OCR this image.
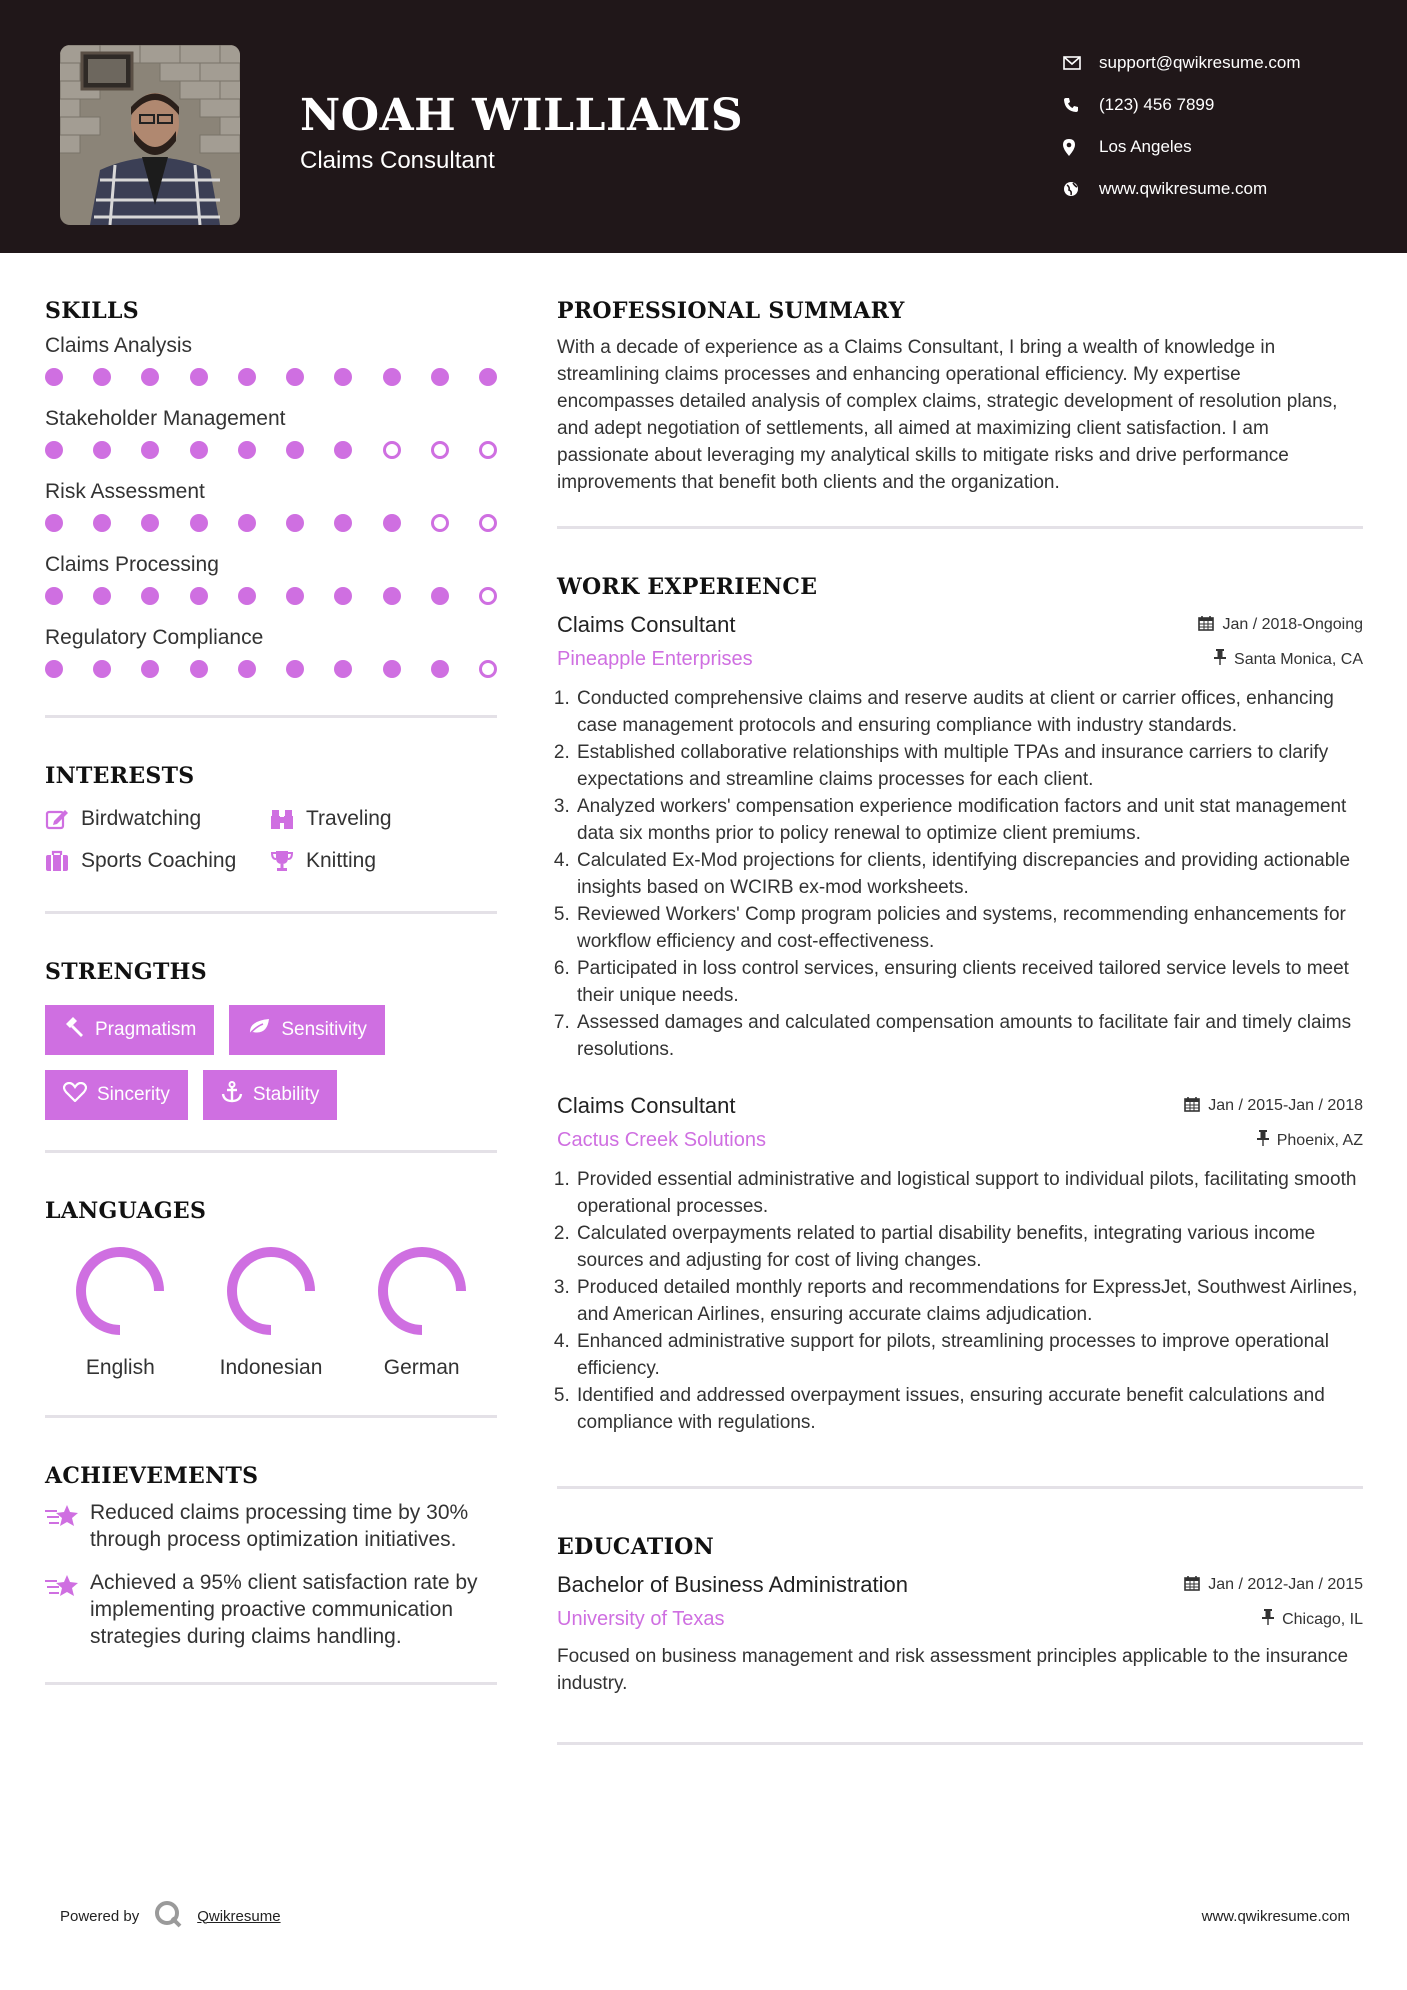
NOAH WILLIAMS
Claims Consultant
support@qwikresume.com
(123) 456 7899
Los Angeles
www.qwikresume.com
SKILLS
Claims Analysis
Stakeholder Management
Risk Assessment
Claims Processing
Regulatory Compliance
INTERESTS
Birdwatching	Traveling
Sports Coaching	Knitting
STRENGTHS
Pragmatism	Sensitivity
Sincerity	Stability
LANGUAGES
English	Indonesian	German
ACHIEVEMENTS
Reduced claims processing time by 30% through process optimization initiatives.
Achieved a 95% client satisfaction rate by implementing proactive communication strategies during claims handling.
PROFESSIONAL SUMMARY

With a decade of experience as a Claims Consultant, I bring a wealth of knowledge in streamlining claims processes and enhancing operational efficiency. My expertise encompasses detailed analysis of complex claims, strategic development of resolution plans, and adept negotiation of settlements, all aimed at maximizing client satisfaction. I am passionate about leveraging my analytical skills to mitigate risks and drive performance improvements that benefit both clients and the organization.

WORK EXPERIENCE
Claims Consultant	Jan / 2018-Ongoing
Pineapple Enterprises	Santa Monica, CA
1. Conducted comprehensive claims and reserve audits at client or carrier offices, enhancing case management protocols and ensuring compliance with industry standards.
2. Established collaborative relationships with multiple TPAs and insurance carriers to clarify expectations and streamline claims processes for each client.
3. Analyzed workers' compensation experience modification factors and unit stat management data six months prior to policy renewal to optimize client premiums.
4. Calculated Ex-Mod projections for clients, identifying discrepancies and providing actionable insights based on WCIRB ex-mod worksheets.
5. Reviewed Workers' Comp program policies and systems, recommending enhancements for workflow efficiency and cost-effectiveness.
6. Participated in loss control services, ensuring clients received tailored service levels to meet their unique needs.
7. Assessed damages and calculated compensation amounts to facilitate fair and timely claims resolutions.
Claims Consultant	Jan / 2015-Jan / 2018
Cactus Creek Solutions	Phoenix, AZ
1. Provided essential administrative and logistical support to individual pilots, facilitating smooth operational processes.
2. Calculated overpayments related to partial disability benefits, integrating various income sources and adjusting for cost of living changes.
3. Produced detailed monthly reports and recommendations for ExpressJet, Southwest Airlines, and American Airlines, ensuring accurate claims adjudication.
4. Enhanced administrative support for pilots, streamlining processes to improve operational efficiency.
5. Identified and addressed overpayment issues, ensuring accurate benefit calculations and compliance with regulations.
EDUCATION
Bachelor of Business Administration	Jan / 2012-Jan / 2015
University of Texas	Chicago, IL

Focused on business management and risk assessment principles applicable to the insurance industry.

Powered by	Qwikresume	www.qwikresume.com
